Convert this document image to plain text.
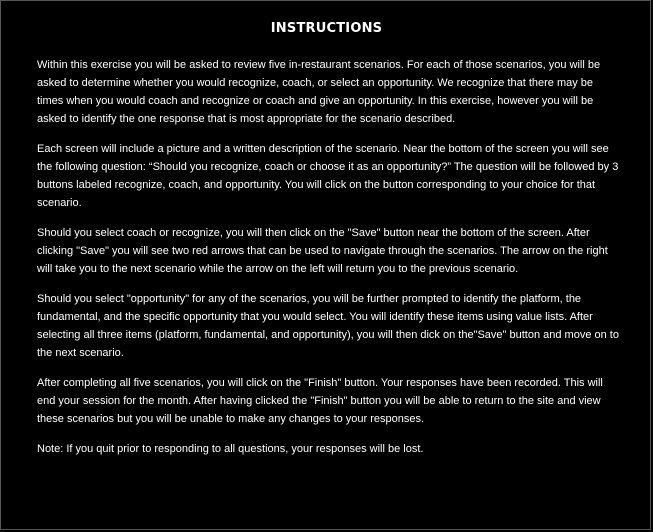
INSTRUCTIONS

Within this exercise you will be asked to review five in-restaurant scenarios. For each of those scenarios, you will be asked to determine whether you would recognize, coach, or select an opportunity. We recognize that there may be times when you would coach and recognize or coach and give an opportunity. In this exercise, however you will be asked to identify the one response that is most appropriate for the scenario described.

Each screen will include a picture and a written description of the scenario. Near the bottom of the screen you will see the following question: “Should you recognize, coach or choose it as an opportunity?” The question will be followed by 3 buttons labeled recognize, coach, and opportunity. You will click on the button corresponding to your choice for that scenario.

Should you select coach or recognize, you will then click on the "Save" button near the bottom of the screen. After clicking "Save" you will see two red arrows that can be used to navigate through the scenarios. The arrow on the right will take you to the next scenario while the arrow on the left will return you to the previous scenario.

Should you select "opportunity" for any of the scenarios, you will be further prompted to identify the platform, the fundamental, and the specific opportunity that you would select. You will identify these items using value lists. After selecting all three items (platform, fundamental, and opportunity), you will then dick on the"Save" button and move on to the next scenario.

After completing all five scenarios, you will click on the "Finish" button. Your responses have been recorded. This will end your session for the month. After having clicked the "Finish" button you will be able to return to the site and view these scenarios but you will be unable to make any changes to your responses.

Note: If you quit prior to responding to all questions, your responses will be lost.
